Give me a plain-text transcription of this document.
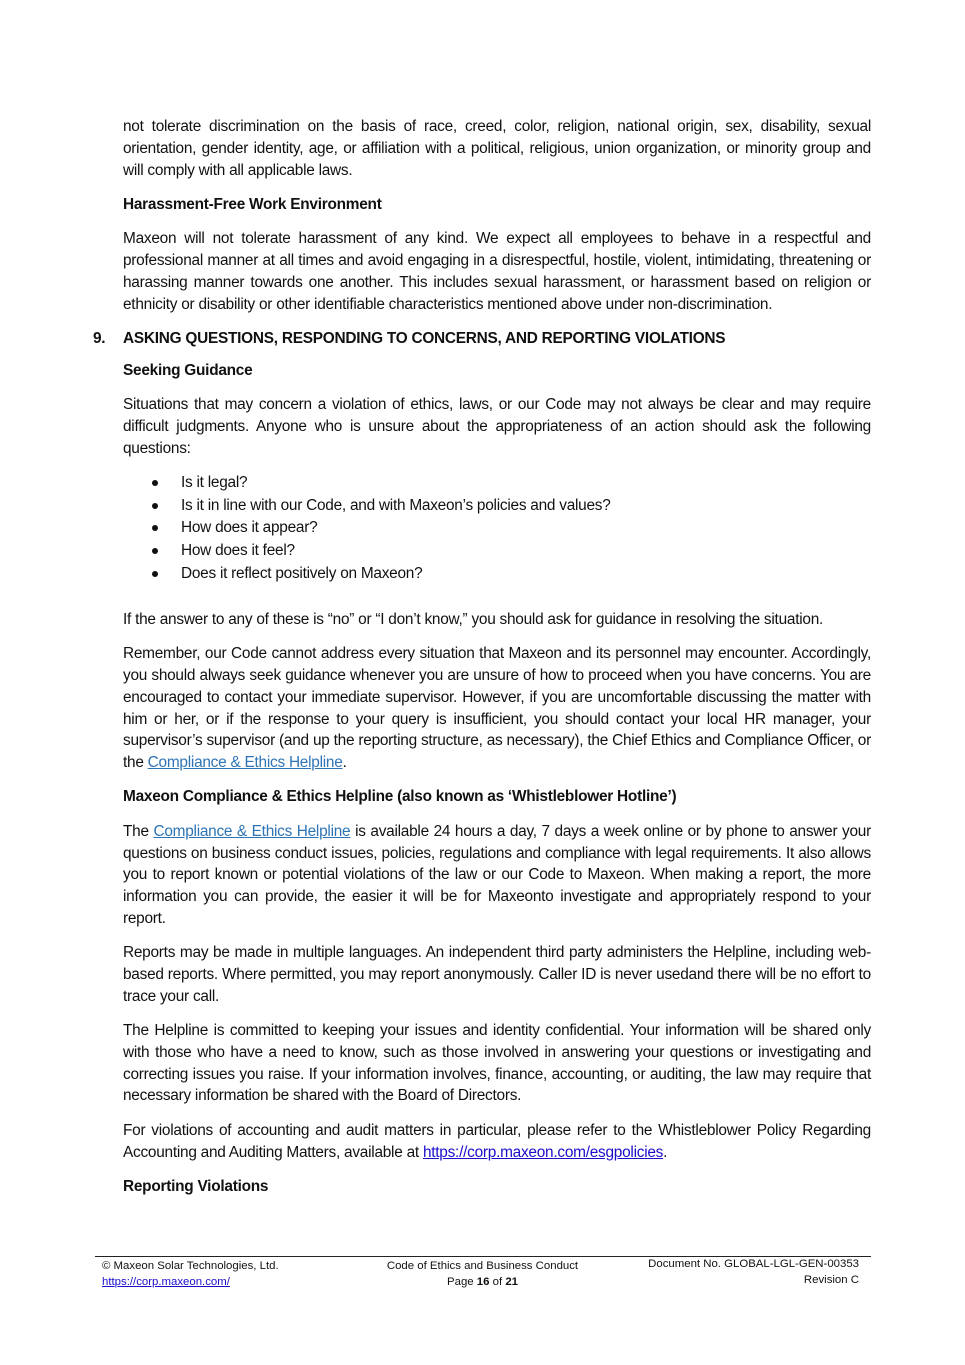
not tolerate discrimination on the basis of race, creed, color, religion, national origin, sex, disability, sexual orientation, gender identity, age, or affiliation with a political, religious, union organization, or minority group and will comply with all applicable laws.

Harassment-Free Work Environment

Maxeon will not tolerate harassment of any kind. We expect all employees to behave in a respectful and professional manner at all times and avoid engaging in a disrespectful, hostile, violent, intimidating, threatening or harassing manner towards one another. This includes sexual harassment, or harassment based on religion or ethnicity or disability or other identifiable characteristics mentioned above under non-discrimination.

9. ASKING QUESTIONS, RESPONDING TO CONCERNS, AND REPORTING VIOLATIONS
Seeking Guidance

Situations that may concern a violation of ethics, laws, or our Code may not always be clear and may require difficult judgments. Anyone who is unsure about the appropriateness of an action should ask the following questions:

Is it legal?
Is it in line with our Code, and with Maxeon’s policies and values?
How does it appear?
How does it feel?
Does it reflect positively on Maxeon?

If the answer to any of these is “no” or “I don’t know,” you should ask for guidance in resolving the situation.

Remember, our Code cannot address every situation that Maxeon and its personnel may encounter. Accordingly, you should always seek guidance whenever you are unsure of how to proceed when you have concerns. You are encouraged to contact your immediate supervisor. However, if you are uncomfortable discussing the matter with him or her, or if the response to your query is insufficient, you should contact your local HR manager, your supervisor’s supervisor (and up the reporting structure, as necessary), the Chief Ethics and Compliance Officer, or the Compliance & Ethics Helpline.

Maxeon Compliance & Ethics Helpline (also known as ‘Whistleblower Hotline’)

The Compliance & Ethics Helpline is available 24 hours a day, 7 days a week online or by phone to answer your questions on business conduct issues, policies, regulations and compliance with legal requirements. It also allows you to report known or potential violations of the law or our Code to Maxeon. When making a report, the more information you can provide, the easier it will be for Maxeonto investigate and appropriately respond to your report.

Reports may be made in multiple languages. An independent third party administers the Helpline, including web-based reports. Where permitted, you may report anonymously. Caller ID is never usedand there will be no effort to trace your call.

The Helpline is committed to keeping your issues and identity confidential. Your information will be shared only with those who have a need to know, such as those involved in answering your questions or investigating and correcting issues you raise. If your information involves, finance, accounting, or auditing, the law may require that necessary information be shared with the Board of Directors.

For violations of accounting and audit matters in particular, please refer to the Whistleblower Policy Regarding Accounting and Auditing Matters, available at https://corp.maxeon.com/esgpolicies.

Reporting Violations
© Maxeon Solar Technologies, Ltd.
https://corp.maxeon.com/
Code of Ethics and Business Conduct
Page 16 of 21
Document No. GLOBAL-LGL-GEN-00353
Revision C
